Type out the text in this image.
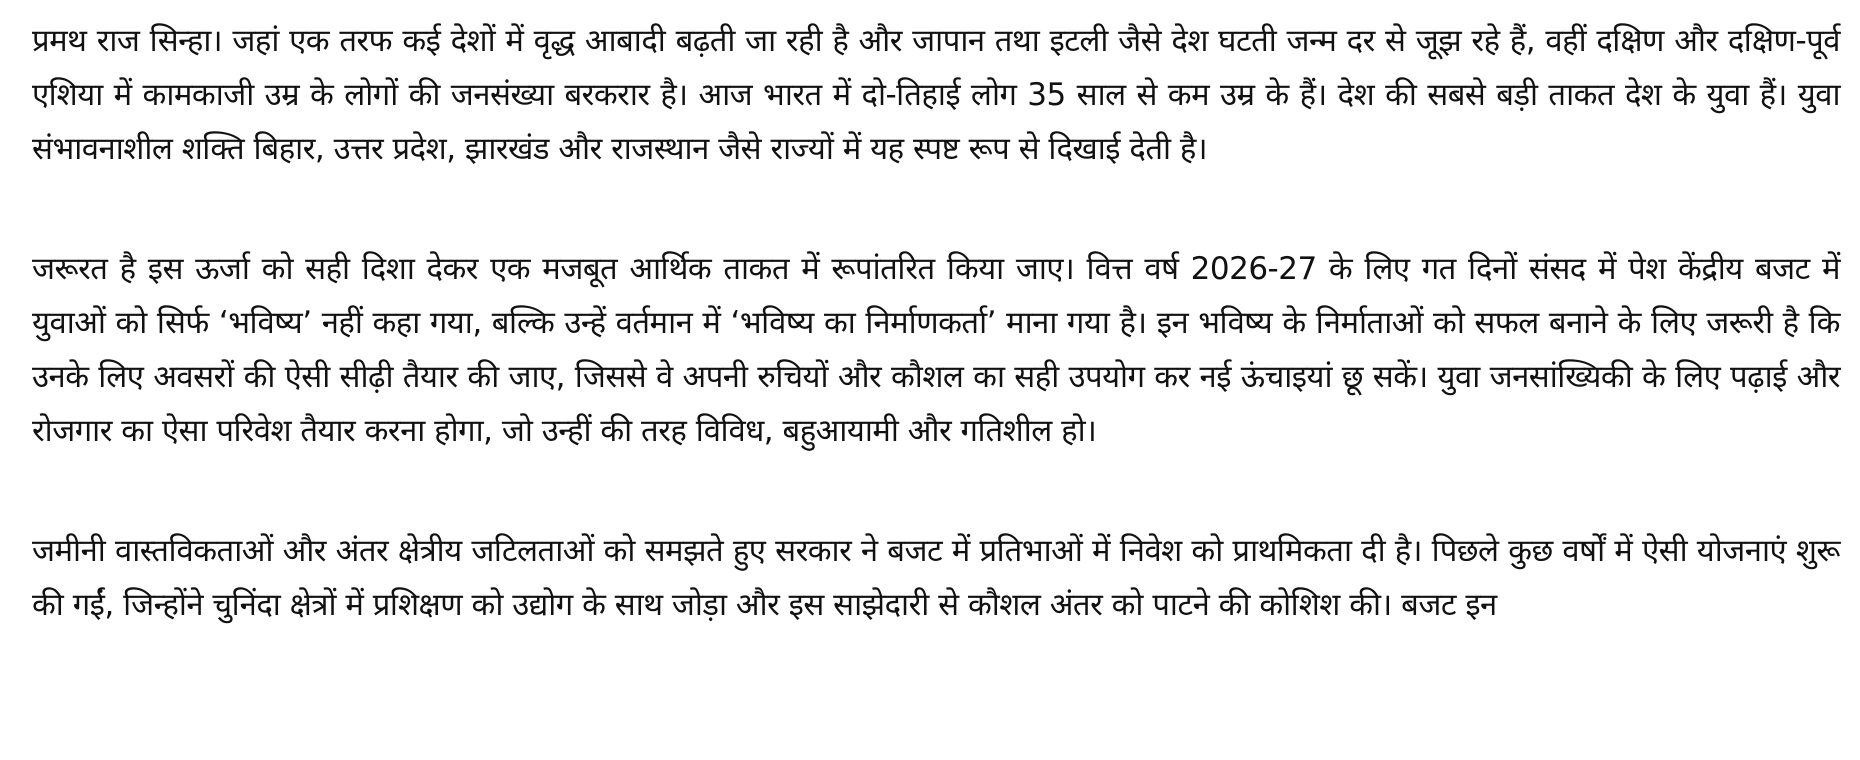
प्रमथ राज सिन्हा। जहां एक तरफ कई देशों में वृद्ध आबादी बढ़ती जा रही है और जापान तथा इटली जैसे देश घटती जन्म दर से जूझ रहे हैं, वहीं दक्षिण और दक्षिण-पूर्व एशिया में कामकाजी उम्र के लोगों की जनसंख्या बरकरार है। आज भारत में दो-तिहाई लोग 35 साल से कम उम्र के हैं। देश की सबसे बड़ी ताकत देश के युवा हैं। युवा संभावनाशील शक्ति बिहार, उत्तर प्रदेश, झारखंड और राजस्थान जैसे राज्यों में यह स्पष्ट रूप से दिखाई देती है।

जरूरत है इस ऊर्जा को सही दिशा देकर एक मजबूत आर्थिक ताकत में रूपांतरित किया जाए। वित्त वर्ष 2026-27 के लिए गत दिनों संसद में पेश केंद्रीय बजट में युवाओं को सिर्फ ‘भविष्य’ नहीं कहा गया, बल्कि उन्हें वर्तमान में ‘भविष्य का निर्माणकर्ता’ माना गया है। इन भविष्य के निर्माताओं को सफल बनाने के लिए जरूरी है कि उनके लिए अवसरों की ऐसी सीढ़ी तैयार की जाए, जिससे वे अपनी रुचियों और कौशल का सही उपयोग कर नई ऊंचाइयां छू सकें। युवा जनसांख्यिकी के लिए पढ़ाई और रोजगार का ऐसा परिवेश तैयार करना होगा, जो उन्हीं की तरह विविध, बहुआयामी और गतिशील हो।

जमीनी वास्तविकताओं और अंतर क्षेत्रीय जटिलताओं को समझते हुए सरकार ने बजट में प्रतिभाओं में निवेश को प्राथमिकता दी है। पिछले कुछ वर्षों में ऐसी योजनाएं शुरू की गईं, जिन्होंने चुनिंदा क्षेत्रों में प्रशिक्षण को उद्योग के साथ जोड़ा और इस साझेदारी से कौशल अंतर को पाटने की कोशिश की। बजट इन
